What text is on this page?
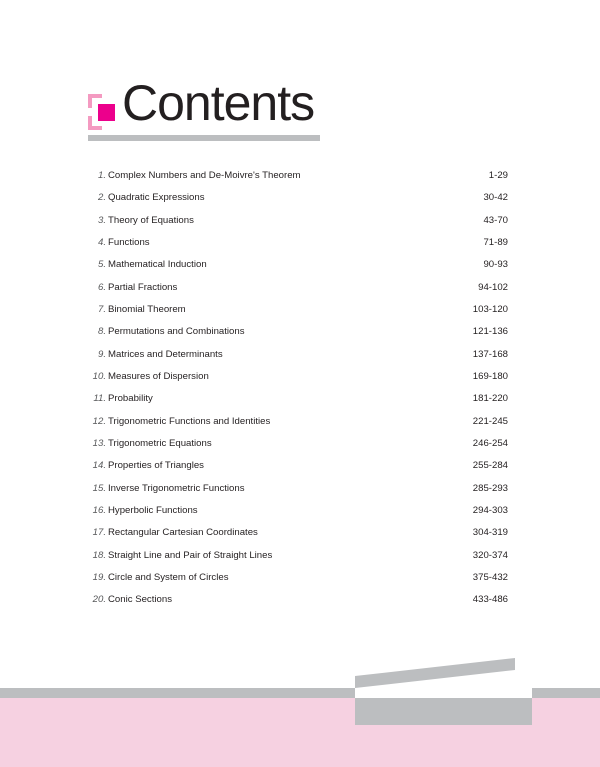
Contents
1. Complex Numbers and De-Moivre's Theorem	1-29
2. Quadratic Expressions	30-42
3. Theory of Equations	43-70
4. Functions	71-89
5. Mathematical Induction	90-93
6. Partial Fractions	94-102
7. Binomial Theorem	103-120
8. Permutations and Combinations	121-136
9. Matrices and Determinants	137-168
10. Measures of Dispersion	169-180
11. Probability	181-220
12. Trigonometric Functions and Identities	221-245
13. Trigonometric Equations	246-254
14. Properties of Triangles	255-284
15. Inverse Trigonometric Functions	285-293
16. Hyperbolic Functions	294-303
17. Rectangular Cartesian Coordinates	304-319
18. Straight Line and Pair of Straight Lines	320-374
19. Circle and System of Circles	375-432
20. Conic Sections	433-486
